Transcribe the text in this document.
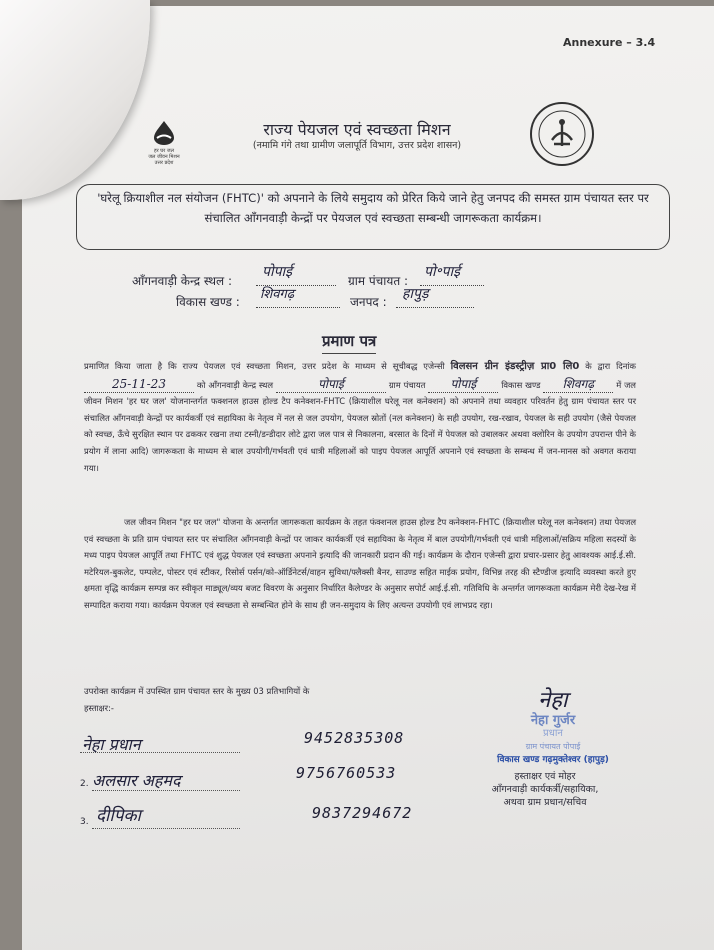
Annexure – 3.4
हर घर जल
जल जीवन मिशन
उत्तर प्रदेश
राज्य पेयजल एवं स्वच्छता मिशन
(नमामि गंगे तथा ग्रामीण जलापूर्ति विभाग, उत्तर प्रदेश शासन)
'घरेलू क्रियाशील नल संयोजन (FHTC)' को अपनाने के लिये समुदाय को प्रेरित किये जाने हेतु जनपद की समस्त ग्राम पंचायत स्तर पर संचालित आँगनवाड़ी केन्द्रों पर पेयजल एवं स्वच्छता सम्बन्धी जागरूकता कार्यक्रम।
आँगनवाड़ी केन्द्र स्थल :
पोपाई
ग्राम पंचायत :
पो॰पाई
विकास खण्ड : शिवगढ़	जनपद : हापुड़
प्रमाण पत्र
प्रमाणित किया जाता है कि राज्य पेयजल एवं स्वच्छता मिशन, उत्तर प्रदेश के माध्यम से सूचीबद्ध एजेन्सी विलसन ग्रीन इंडस्ट्रीज़ प्रा0 लि0 के द्वारा दिनांक 25-11-23	को आँगनवाड़ी केन्द्र स्थल	पोपाई	ग्राम पंचायत पोपाई	विकास खण्ड शिवगढ़	में जल जीवन मिशन 'हर घर जल' योजनान्तर्गत फक्शनल हाउस होल्ड टैप कनेक्शन-FHTC (क्रियाशील घरेलू नल कनेक्शन) को अपनाने तथा व्यवहार परिवर्तन हेतु ग्राम पंचायत स्तर पर संचालित आँगनवाड़ी केन्द्रों पर कार्यकर्त्री एवं सहायिका के नेतृत्व में नल से जल उपयोग, पेयजल स्रोतों (नल कनेक्शन) के सही उपयोग, रख-रखाव, पेयजल के सही उपयोग (जैसे पेयजल को स्वच्छ, ऊँचे सुरक्षित स्थान पर ढककर रखना तथा टस्नी/डन्डीदार लोटे द्वारा जल पात्र से निकालना, बरसात के दिनों में पेयजल को उबालकर अथवा क्लोरिन के उपयोग उपरान्त पीने के प्रयोग में लाना आदि) जागरूकता के माध्यम से बाल उपयोगी/गर्भवती एवं धात्री महिलाओं को पाइप पेयजल आपूर्ति अपनाने एवं स्वच्छता के सम्बन्ध में जन-मानस को अवगत कराया गया।
जल जीवन मिशन "हर घर जल" योजना के अन्तर्गत जागरूकता कार्यक्रम के तहत फंक्शनल हाउस होल्ड टैप कनेक्शन-FHTC (क्रियाशील घरेलू नल कनेक्शन) तथा पेयजल एवं स्वच्छता के प्रति ग्राम पंचायत स्तर पर संचालित आँगनवाड़ी केन्द्रों पर जाकर कार्यकर्त्री एवं सहायिका के नेतृत्व में बाल उपयोगी/गर्भवती एवं धात्री महिलाओं/सक्रिय महिला सदस्यों के मध्य पाइप पेयजल आपूर्ति तथा FHTC एवं शुद्ध पेयजल एवं स्वच्छता अपनाने इत्यादि की जानकारी प्रदान की गई। कार्यक्रम के दौरान एजेन्सी द्वारा प्रचार-प्रसार हेतु आवश्यक आई.ई.सी. मटेरियल-बुकलेट, पम्पलेट, पोस्टर एवं स्टीकर, रिसोर्स पर्सन/को-ऑर्डिनेटर्स/वाहन सुविधा/फ्लैक्सी बैनर, साउण्ड सहित माईक प्रयोग, विभिन्न तरह की स्टैण्डीज इत्यादि व्यवस्था करते हुए क्षमता वृद्धि कार्यक्रम सम्पन्न कर स्वीकृत माड्यूल/व्यय बजट विवरण के अनुसार निर्धारित कैलेण्डर के अनुसार सपोर्ट आई.ई.सी. गतिविधि के अन्तर्गत जागरूकता कार्यक्रम मेरी देख-रेख में सम्पादित कराया गया। कार्यक्रम पेयजल एवं स्वच्छता से सम्बन्धित होने के साथ ही जन-समुदाय के लिए अत्यन्त उपयोगी एवं लाभप्रद रहा।
उपरोक्त कार्यक्रम में उपस्थित ग्राम पंचायत स्तर के मुख्य 03 प्रतिभागियों के
हस्ताक्षर:-
नेहा प्रधान	9452835308
2. अलसार अहमद	9756760533
3. दीपिका	9837294672
नेहा
नेहा गुर्जर
प्रधान
ग्राम पंचायत पोपाई
विकास खण्ड गढ़मुक्तेश्वर (हापुड़)
हस्ताक्षर एवं मोहर
आँगनवाड़ी कार्यकर्त्री/सहायिका,
अथवा ग्राम प्रधान/सचिव
